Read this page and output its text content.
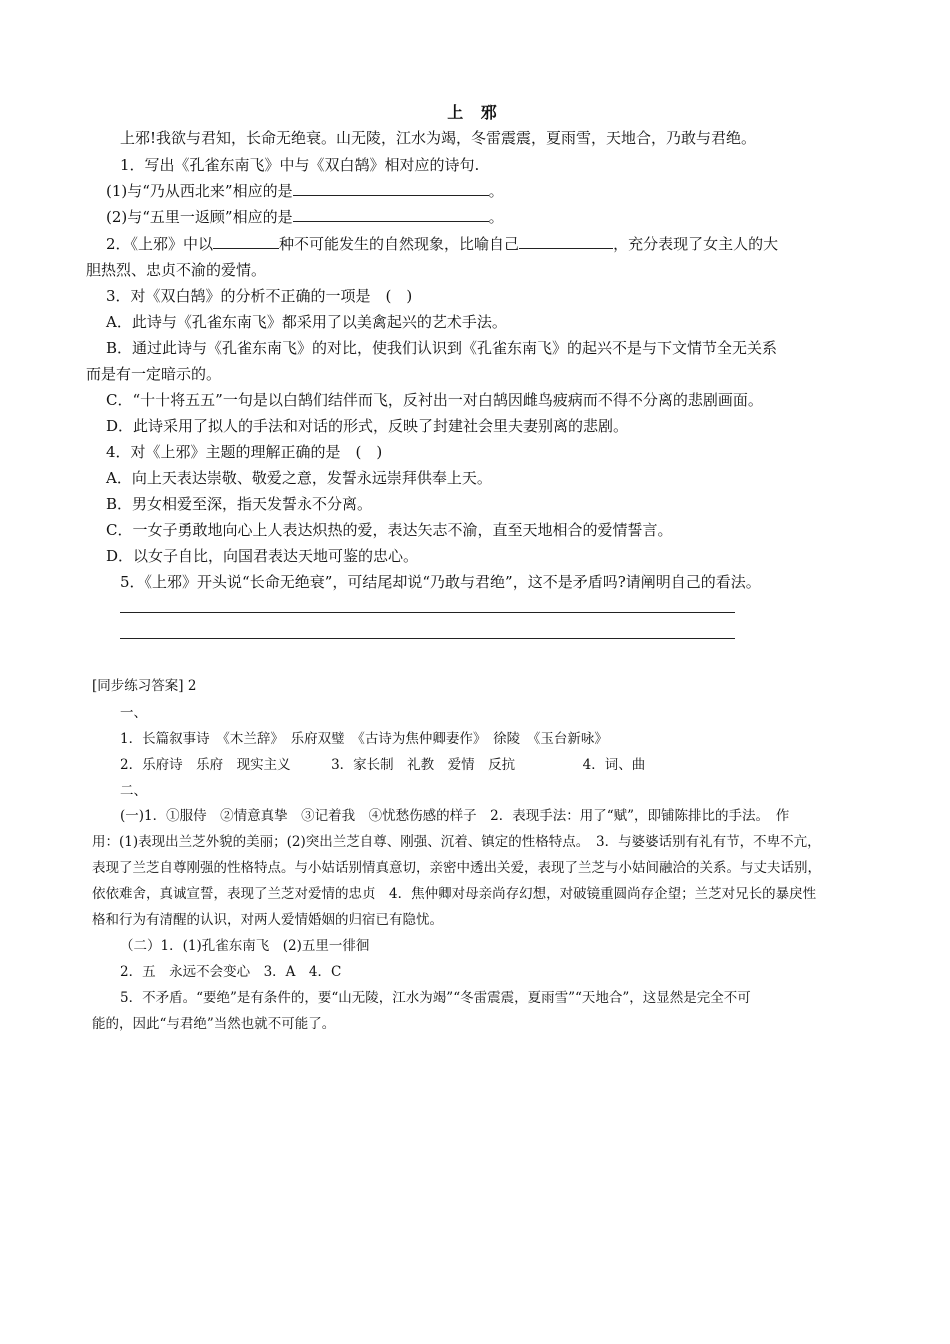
上 邪
上邪!我欲与君知，长命无绝衰。山无陵，江水为竭，冬雷震震，夏雨雪，天地合，乃敢与君绝。
1．写出《孔雀东南飞》中与《双白鹄》相对应的诗句.
(1)与“乃从西北来”相应的是	。
(2)与“五里一返顾”相应的是	。
2．《上邪》中以	种不可能发生的自然现象，比喻自己	，充分表现了女主人的大
胆热烈、忠贞不渝的爱情。
3．对《双白鹄》的分析不正确的一项是　(　)
A．此诗与《孔雀东南飞》都采用了以美禽起兴的艺术手法。
B．通过此诗与《孔雀东南飞》的对比，使我们认识到《孔雀东南飞》的起兴不是与下文情节全无关系
而是有一定暗示的。
C．“十十将五五”一句是以白鹄们结伴而飞，反衬出一对白鹄因雌鸟疲病而不得不分离的悲剧画面。
D．此诗采用了拟人的手法和对话的形式，反映了封建社会里夫妻别离的悲剧。
4．对《上邪》主题的理解正确的是　(　)
A．向上天表达崇敬、敬爱之意，发誓永远崇拜供奉上天。
B．男女相爱至深，指天发誓永不分离。
C．一女子勇敢地向心上人表达炽热的爱，表达矢志不渝，直至天地相合的爱情誓言。
D．以女子自比，向国君表达天地可鉴的忠心。
5．《上邪》开头说“长命无绝衰”，可结尾却说“乃敢与君绝”，这不是矛盾吗?请阐明自己的看法。
[同步练习答案] 2
一、
1．长篇叙事诗　《木兰辞》　乐府双璧　《古诗为焦仲卿妻作》　徐陵　《玉台新咏》
2．乐府诗　乐府　现实主义　　　3．家长制　礼教　爱情　反抗　　　　　4．词、曲
二、
(一)1．①服侍　②情意真挚　③记着我　④忧愁伤感的样子　2．表现手法：用了“赋”，即铺陈排比的手法。　作
用：(1)表现出兰芝外貌的美丽；(2)突出兰芝自尊、刚强、沉着、镇定的性格特点。　3．与婆婆话别有礼有节，不卑不亢，
表现了兰芝自尊刚强的性格特点。与小姑话别情真意切，亲密中透出关爱，表现了兰芝与小姑间融洽的关系。与丈夫话别，
依依难舍，真诚宣誓，表现了兰芝对爱情的忠贞　4．焦仲卿对母亲尚存幻想，对破镜重圆尚存企望；兰芝对兄长的暴戾性
格和行为有清醒的认识，对两人爱情婚姻的归宿已有隐忧。
（二）1．(1)孔雀东南飞　(2)五里一徘徊
2．五　永远不会变心　3．A　4．C
5．不矛盾。“要绝”是有条件的，要“山无陵，江水为竭”“冬雷震震，夏雨雪”“天地合”，这显然是完全不可
能的，因此“与君绝”当然也就不可能了。
